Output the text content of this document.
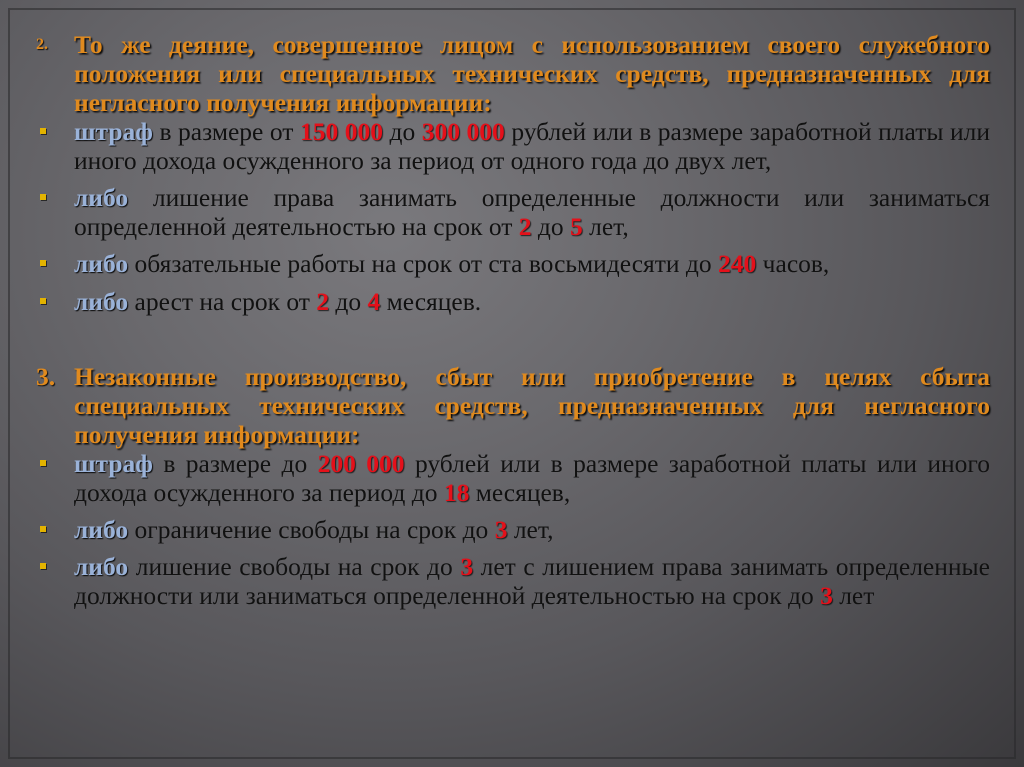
2. То же деяние, совершенное лицом с использованием своего служебного положения или специальных технических средств, предназначенных для негласного получения информации:
штраф в размере от 150 000 до 300 000 рублей или в размере заработной платы или иного дохода осужденного за период от одного года до двух лет,
либо лишение права занимать определенные должности или заниматься определенной деятельностью на срок от 2 до 5 лет,
либо обязательные работы на срок от ста восьмидесяти до 240 часов,
либо арест на срок от 2 до 4 месяцев.
3. Незаконные производство, сбыт или приобретение в целях сбыта специальных технических средств, предназначенных для негласного получения информации:
штраф в размере до 200 000 рублей или в размере заработной платы или иного дохода осужденного за период до 18 месяцев,
либо ограничение свободы на срок до 3 лет,
либо лишение свободы на срок до 3 лет с лишением права занимать определенные должности или заниматься определенной деятельностью на срок до 3 лет
